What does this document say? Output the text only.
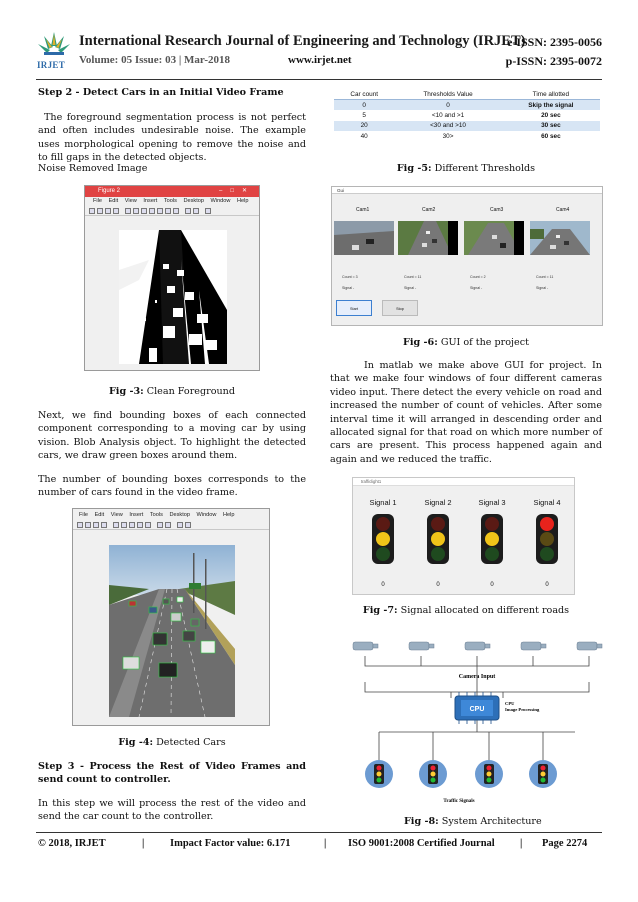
IRJET
International Research Journal of Engineering and Technology (IRJET)
e-ISSN: 2395-0056
Volume: 05 Issue: 03 | Mar-2018	www.irjet.net	p-ISSN: 2395-0072
Step 2 - Detect Cars in an Initial Video Frame
The foreground segmentation process is not perfect and often includes undesirable noise. The example uses morphological opening to remove the noise and to fill gaps in the detected objects.
Noise Removed Image
Figure 2	–□✕
File Edit View Insert Tools Desktop Window Help
Fig -3: Clean Foreground
Next, we find bounding boxes of each connected component corresponding to a moving car by using vision. Blob Analysis object. To highlight the detected cars, we draw green boxes around them.
The number of bounding boxes corresponds to the number of cars found in the video frame.
File Edit View Insert Tools Desktop Window Help
Fig -4: Detected Cars
Step 3 - Process the Rest of Video Frames and send count to controller.
In this step we will process the rest of the video and send the car count to the controller.
Car count	Thresholds Value	Time allotted
0	0	Skip the signal
5	<10 and >1	20 sec
20	<30 and >10	30 sec
40	30>	60 sec
Fig -5: Different Thresholds
Gui
Cam1	Cam2	Cam3	Cam4
Count = 3	Count = 11	Count = 2	Count = 11
Signal -	Signal -	Signal -	Signal -
Start	Stop
Fig -6: GUI of the project
In matlab we make above GUI for project. In that we make four windows of four different cameras video input. There detect the every vehicle on road and increased the number of count of vehicles. After some interval time it will arranged in descending order and allocated signal for that road on which more number of cars are present. This process happened again and again and we reduced the traffic.
trafficlight1
Signal 1	Signal 2	Signal 3	Signal 4
0	0	0	0
Fig -7: Signal allocated on different roads
Camera Input
CPU
CPU
Image Processing
Traffic Signals
Fig -8: System Architecture
© 2018, IRJET	| Impact Factor value: 6.171	| ISO 9001:2008 Certified Journal | Page 2274
